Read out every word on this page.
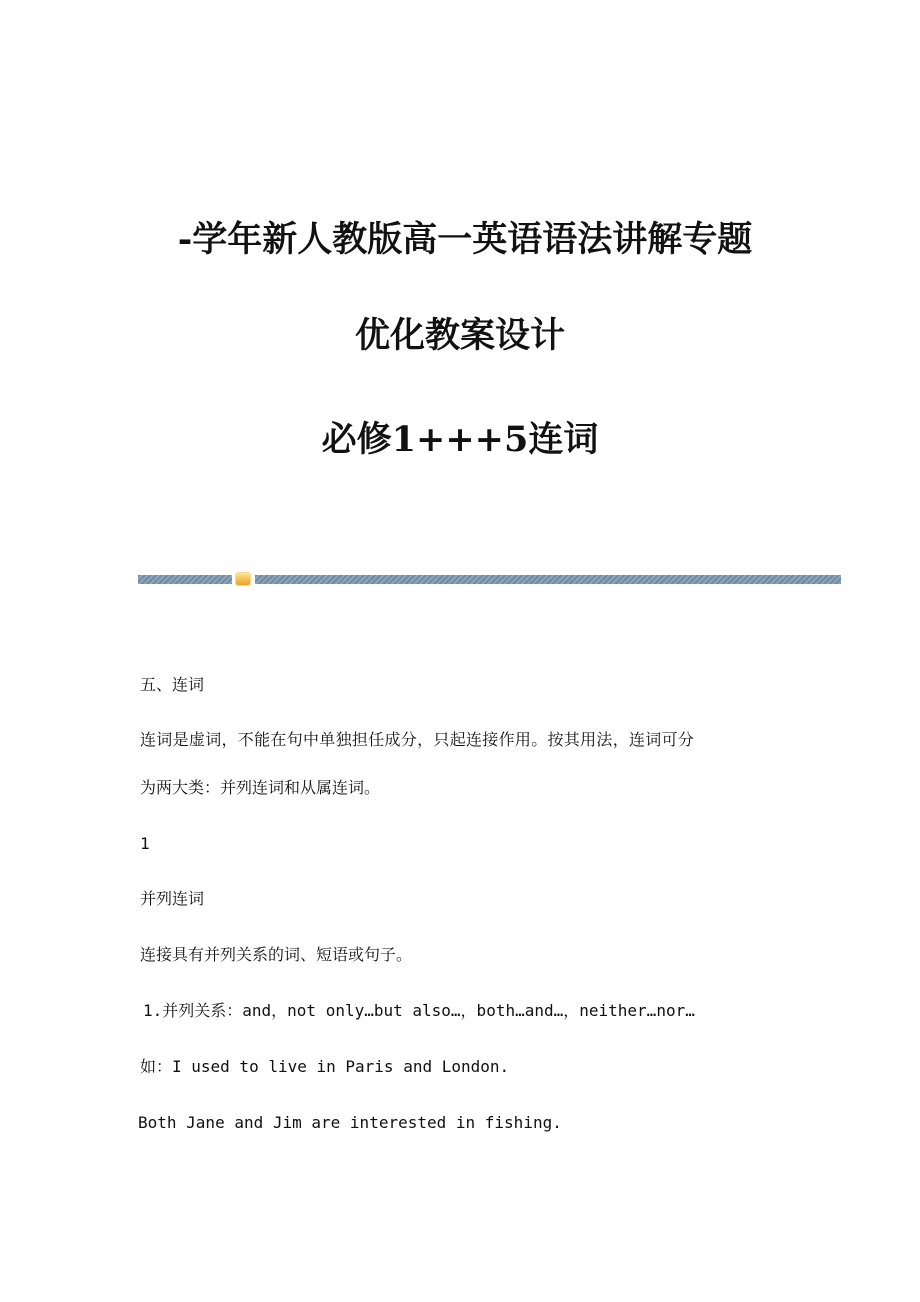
-学年新人教版高一英语语法讲解专题
优化教案设计
必修1+++5连词
五、连词
连词是虚词，不能在句中单独担任成分，只起连接作用。按其用法，连词可分
为两大类：并列连词和从属连词。
1
并列连词
连接具有并列关系的词、短语或句子。
1.并列关系：and，not only…but also…，both…and…，neither…nor…
如：I used to live in Paris and London.
Both Jane and Jim are interested in fishing.
